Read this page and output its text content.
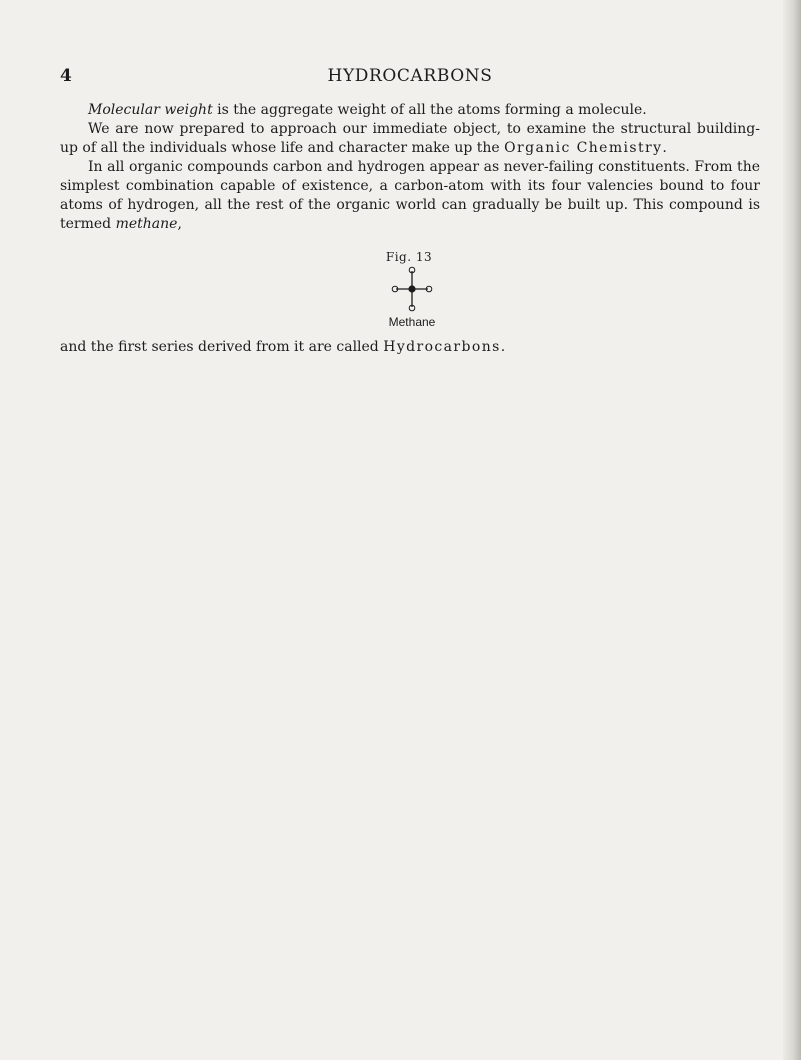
4	HYDROCARBONS

Molecular weight is the aggregate weight of all the atoms forming a molecule.

We are now prepared to approach our immediate object, to examine the structural building-up of all the individuals whose life and character make up the Organic Chemistry.

In all organic compounds carbon and hydrogen appear as never-failing constituents. From the simplest combination capable of existence, a carbon-atom with its four valencies bound to four atoms of hydrogen, all the rest of the organic world can gradually be built up. This compound is termed methane,

Fig. 13
Methane
and the first series derived from it are called Hydrocarbons.
